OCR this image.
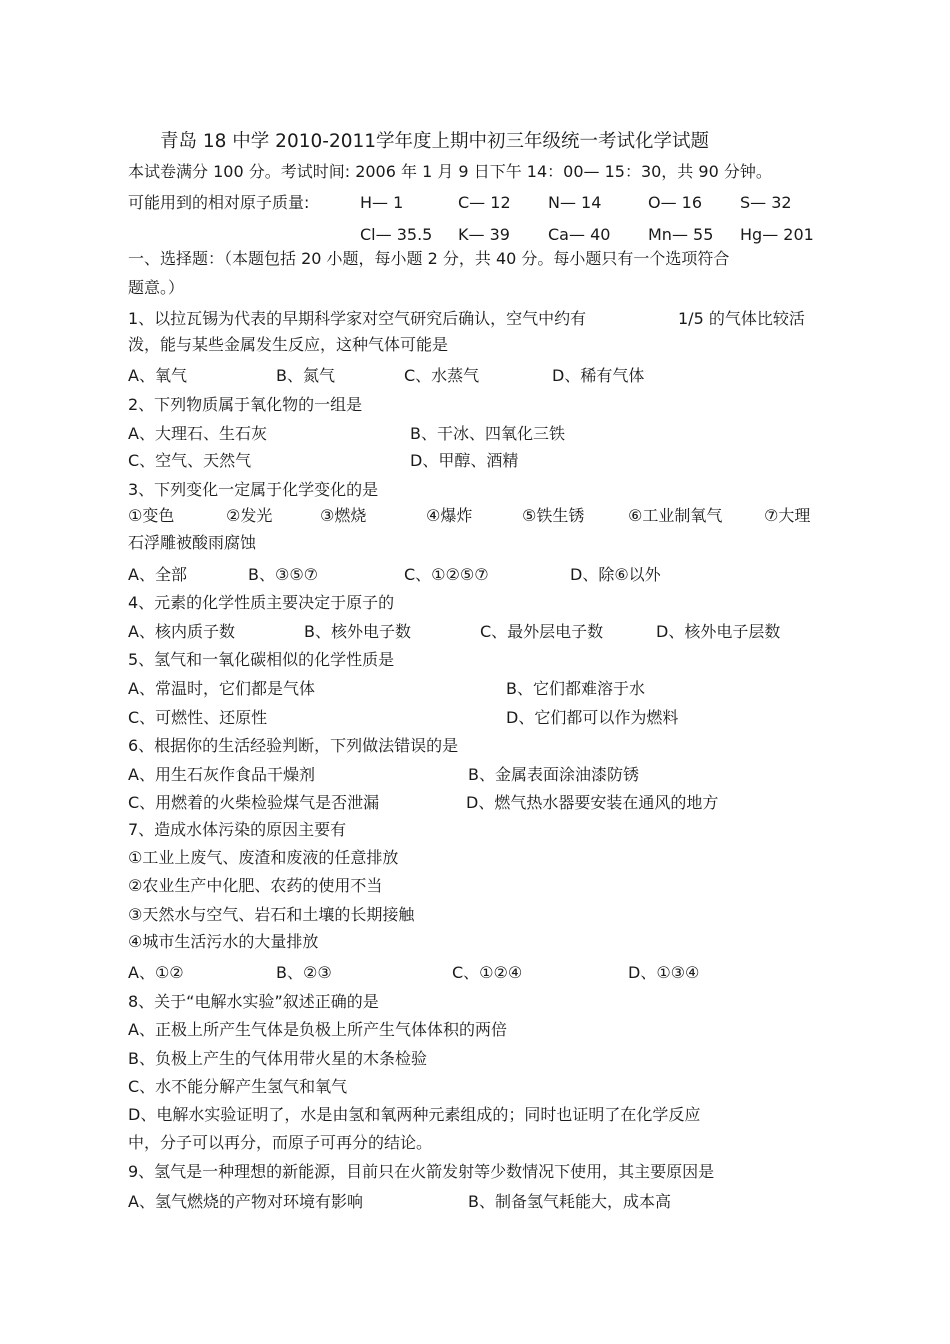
青岛 18 中学 2010-2011学年度上期中初三年级统一考试化学试题
本试卷满分 100 分。考试时间: 2006 年 1 月 9 日下午 14：00— 15：30，共 90 分钟。
可能用到的相对原子质量:	H— 1	C— 12 N— 14	O— 16 S— 32
Cl— 35.5 K— 39 Ca— 40 Mn— 55 Hg— 201
一、选择题：（本题包括 20 小题，每小题 2 分，共 40 分。每小题只有一个选项符合
题意。）
1、以拉瓦锡为代表的早期科学家对空气研究后确认，空气中约有	1/5 的气体比较活
泼，能与某些金属发生反应，这种气体可能是
A、氧气	B、氮气	C、水蒸气	D、稀有气体
2、下列物质属于氧化物的一组是
A、大理石、生石灰	B、干冰、四氧化三铁
C、空气、天然气	D、甲醇、酒精
3、下列变化一定属于化学变化的是
①变色	②发光	③燃烧	④爆炸	⑤铁生锈	⑥工业制氧气	⑦大理
石浮雕被酸雨腐蚀
A、全部	B、③⑤⑦	C、①②⑤⑦	D、除⑥以外
4、元素的化学性质主要决定于原子的
A、核内质子数	B、核外电子数	C、最外层电子数	D、核外电子层数
5、氢气和一氧化碳相似的化学性质是
A、常温时，它们都是气体	B、它们都难溶于水
C、可燃性、还原性	D、它们都可以作为燃料
6、根据你的生活经验判断，下列做法错误的是
A、用生石灰作食品干燥剂	B、金属表面涂油漆防锈
C、用燃着的火柴检验煤气是否泄漏	D、燃气热水器要安装在通风的地方
7、造成水体污染的原因主要有
①工业上废气、废渣和废液的任意排放
②农业生产中化肥、农药的使用不当
③天然水与空气、岩石和土壤的长期接触
④城市生活污水的大量排放
A、①②	B、②③	C、①②④	D、①③④
8、关于“电解水实验”叙述正确的是
A、正极上所产生气体是负极上所产生气体体积的两倍
B、负极上产生的气体用带火星的木条检验
C、水不能分解产生氢气和氧气
D、电解水实验证明了，水是由氢和氧两种元素组成的；同时也证明了在化学反应
中，分子可以再分，而原子可再分的结论。
9、氢气是一种理想的新能源，目前只在火箭发射等少数情况下使用，其主要原因是
A、氢气燃烧的产物对环境有影响	B、制备氢气耗能大，成本高
